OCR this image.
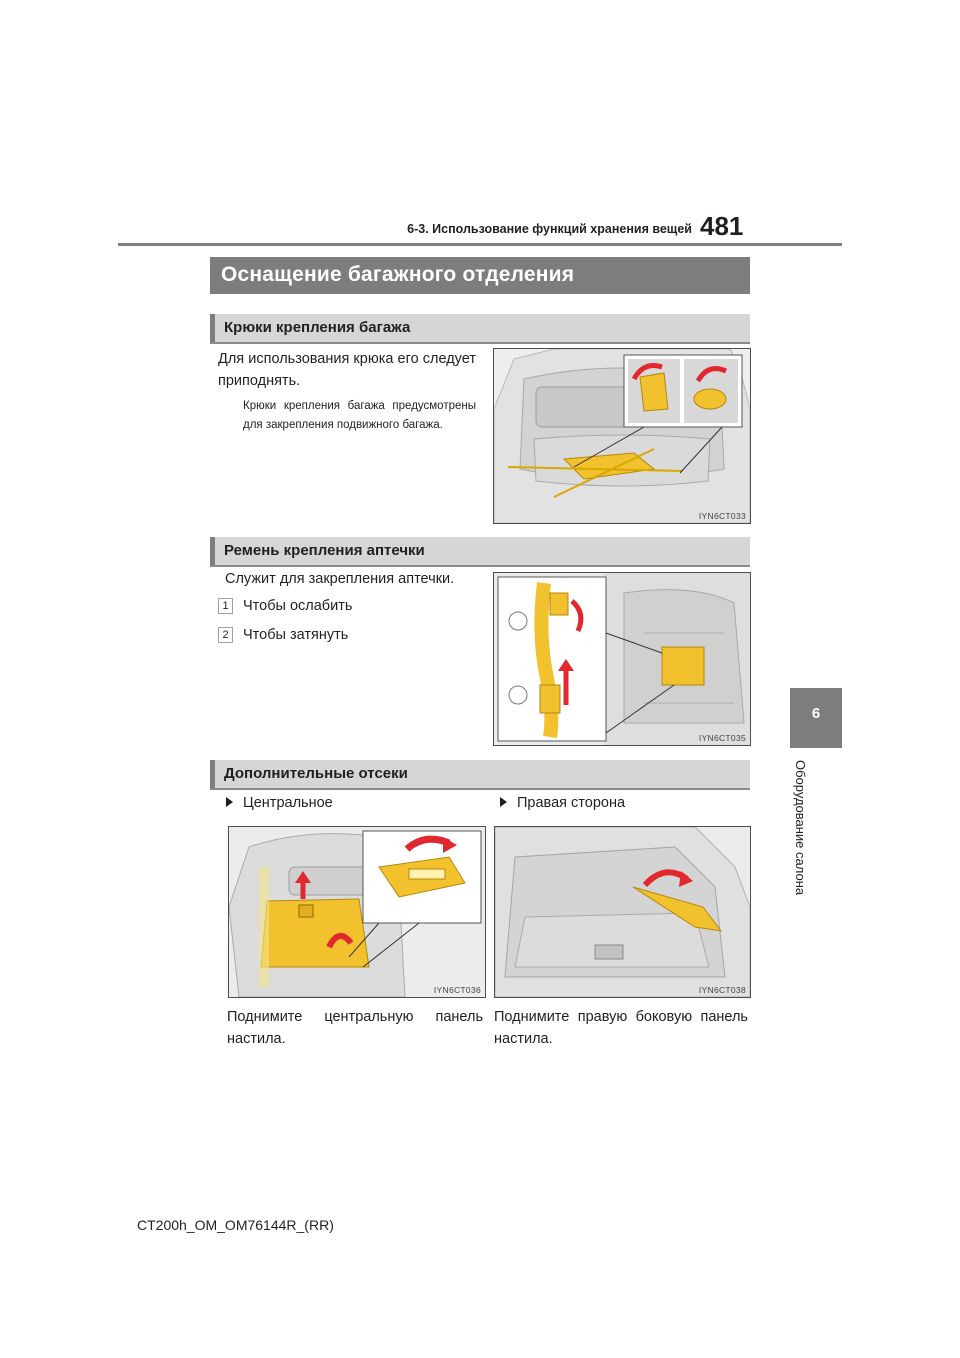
6-3. Использование функций хранения вещей 481
6
Оборудование салона
Оснащение багажного отделения
Крюки крепления багажа
Для использования крюка его следует приподнять.
Крюки крепления багажа предусмотрены для закрепления подвижного багажа.
IYN6CT033
Ремень крепления аптечки
Служит для закрепления аптечки.
1 Чтобы ослабить
2 Чтобы затянуть
IYN6CT035
Дополнительные отсеки
Центральное	Правая сторона
IYN6CT036	IYN6CT038
Поднимите центральную панель настила.
Поднимите правую боковую панель настила.
CT200h_OM_OM76144R_(RR)
